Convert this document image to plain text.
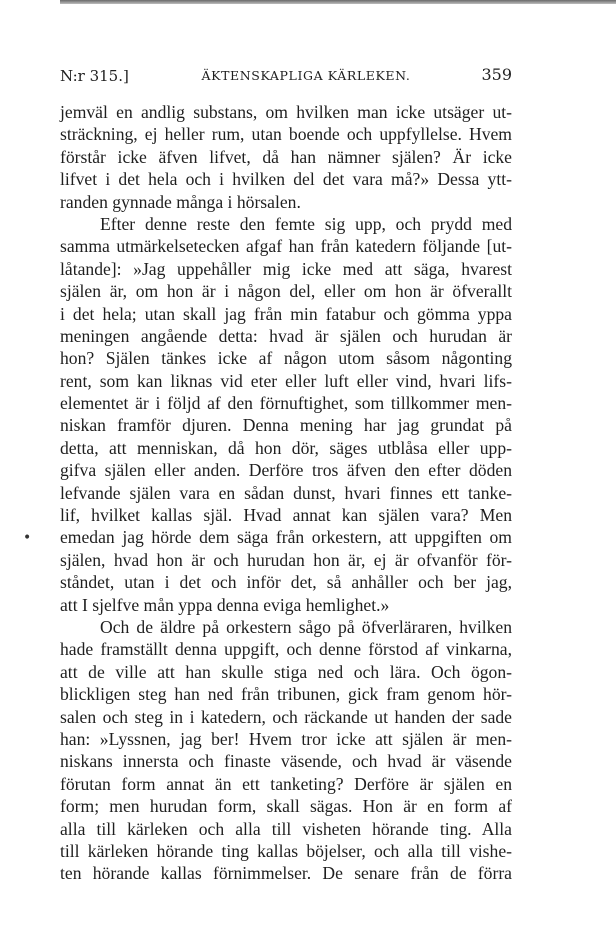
N:r 315.]	ÄKTENSKAPLIGA KÄRLEKEN.	359
•
jemväl en andlig substans, om hvilken man icke utsäger ut-
sträckning, ej heller rum, utan boende och uppfyllelse. Hvem
förstår icke äfven lifvet, då han nämner själen? Är icke
lifvet i det hela och i hvilken del det vara må?» Dessa ytt-
randen gynnade många i hörsalen.
Efter denne reste den femte sig upp, och prydd med
samma utmärkelsetecken afgaf han från katedern följande [ut-
låtande]: »Jag uppehåller mig icke med att säga, hvarest
själen är, om hon är i någon del, eller om hon är öfverallt
i det hela; utan skall jag från min fatabur och gömma yppa
meningen angående detta: hvad är själen och hurudan är
hon? Själen tänkes icke af någon utom såsom någonting
rent, som kan liknas vid eter eller luft eller vind, hvari lifs-
elementet är i följd af den förnuftighet, som tillkommer men-
niskan framför djuren. Denna mening har jag grundat på
detta, att menniskan, då hon dör, säges utblåsa eller upp-
gifva själen eller anden. Derföre tros äfven den efter döden
lefvande själen vara en sådan dunst, hvari finnes ett tanke-
lif, hvilket kallas själ. Hvad annat kan själen vara? Men
emedan jag hörde dem säga från orkestern, att uppgiften om
själen, hvad hon är och hurudan hon är, ej är ofvanför för-
ståndet, utan i det och inför det, så anhåller och ber jag,
att I sjelfve mån yppa denna eviga hemlighet.»
Och de äldre på orkestern sågo på öfverläraren, hvilken
hade framställt denna uppgift, och denne förstod af vinkarna,
att de ville att han skulle stiga ned och lära. Och ögon-
blickligen steg han ned från tribunen, gick fram genom hör-
salen och steg in i katedern, och räckande ut handen der sade
han: »Lyssnen, jag ber! Hvem tror icke att själen är men-
niskans innersta och finaste väsende, och hvad är väsende
förutan form annat än ett tanketing? Derföre är själen en
form; men hurudan form, skall sägas. Hon är en form af
alla till kärleken och alla till visheten hörande ting. Alla
till kärleken hörande ting kallas böjelser, och alla till vishe-
ten hörande kallas förnimmelser. De senare från de förra
